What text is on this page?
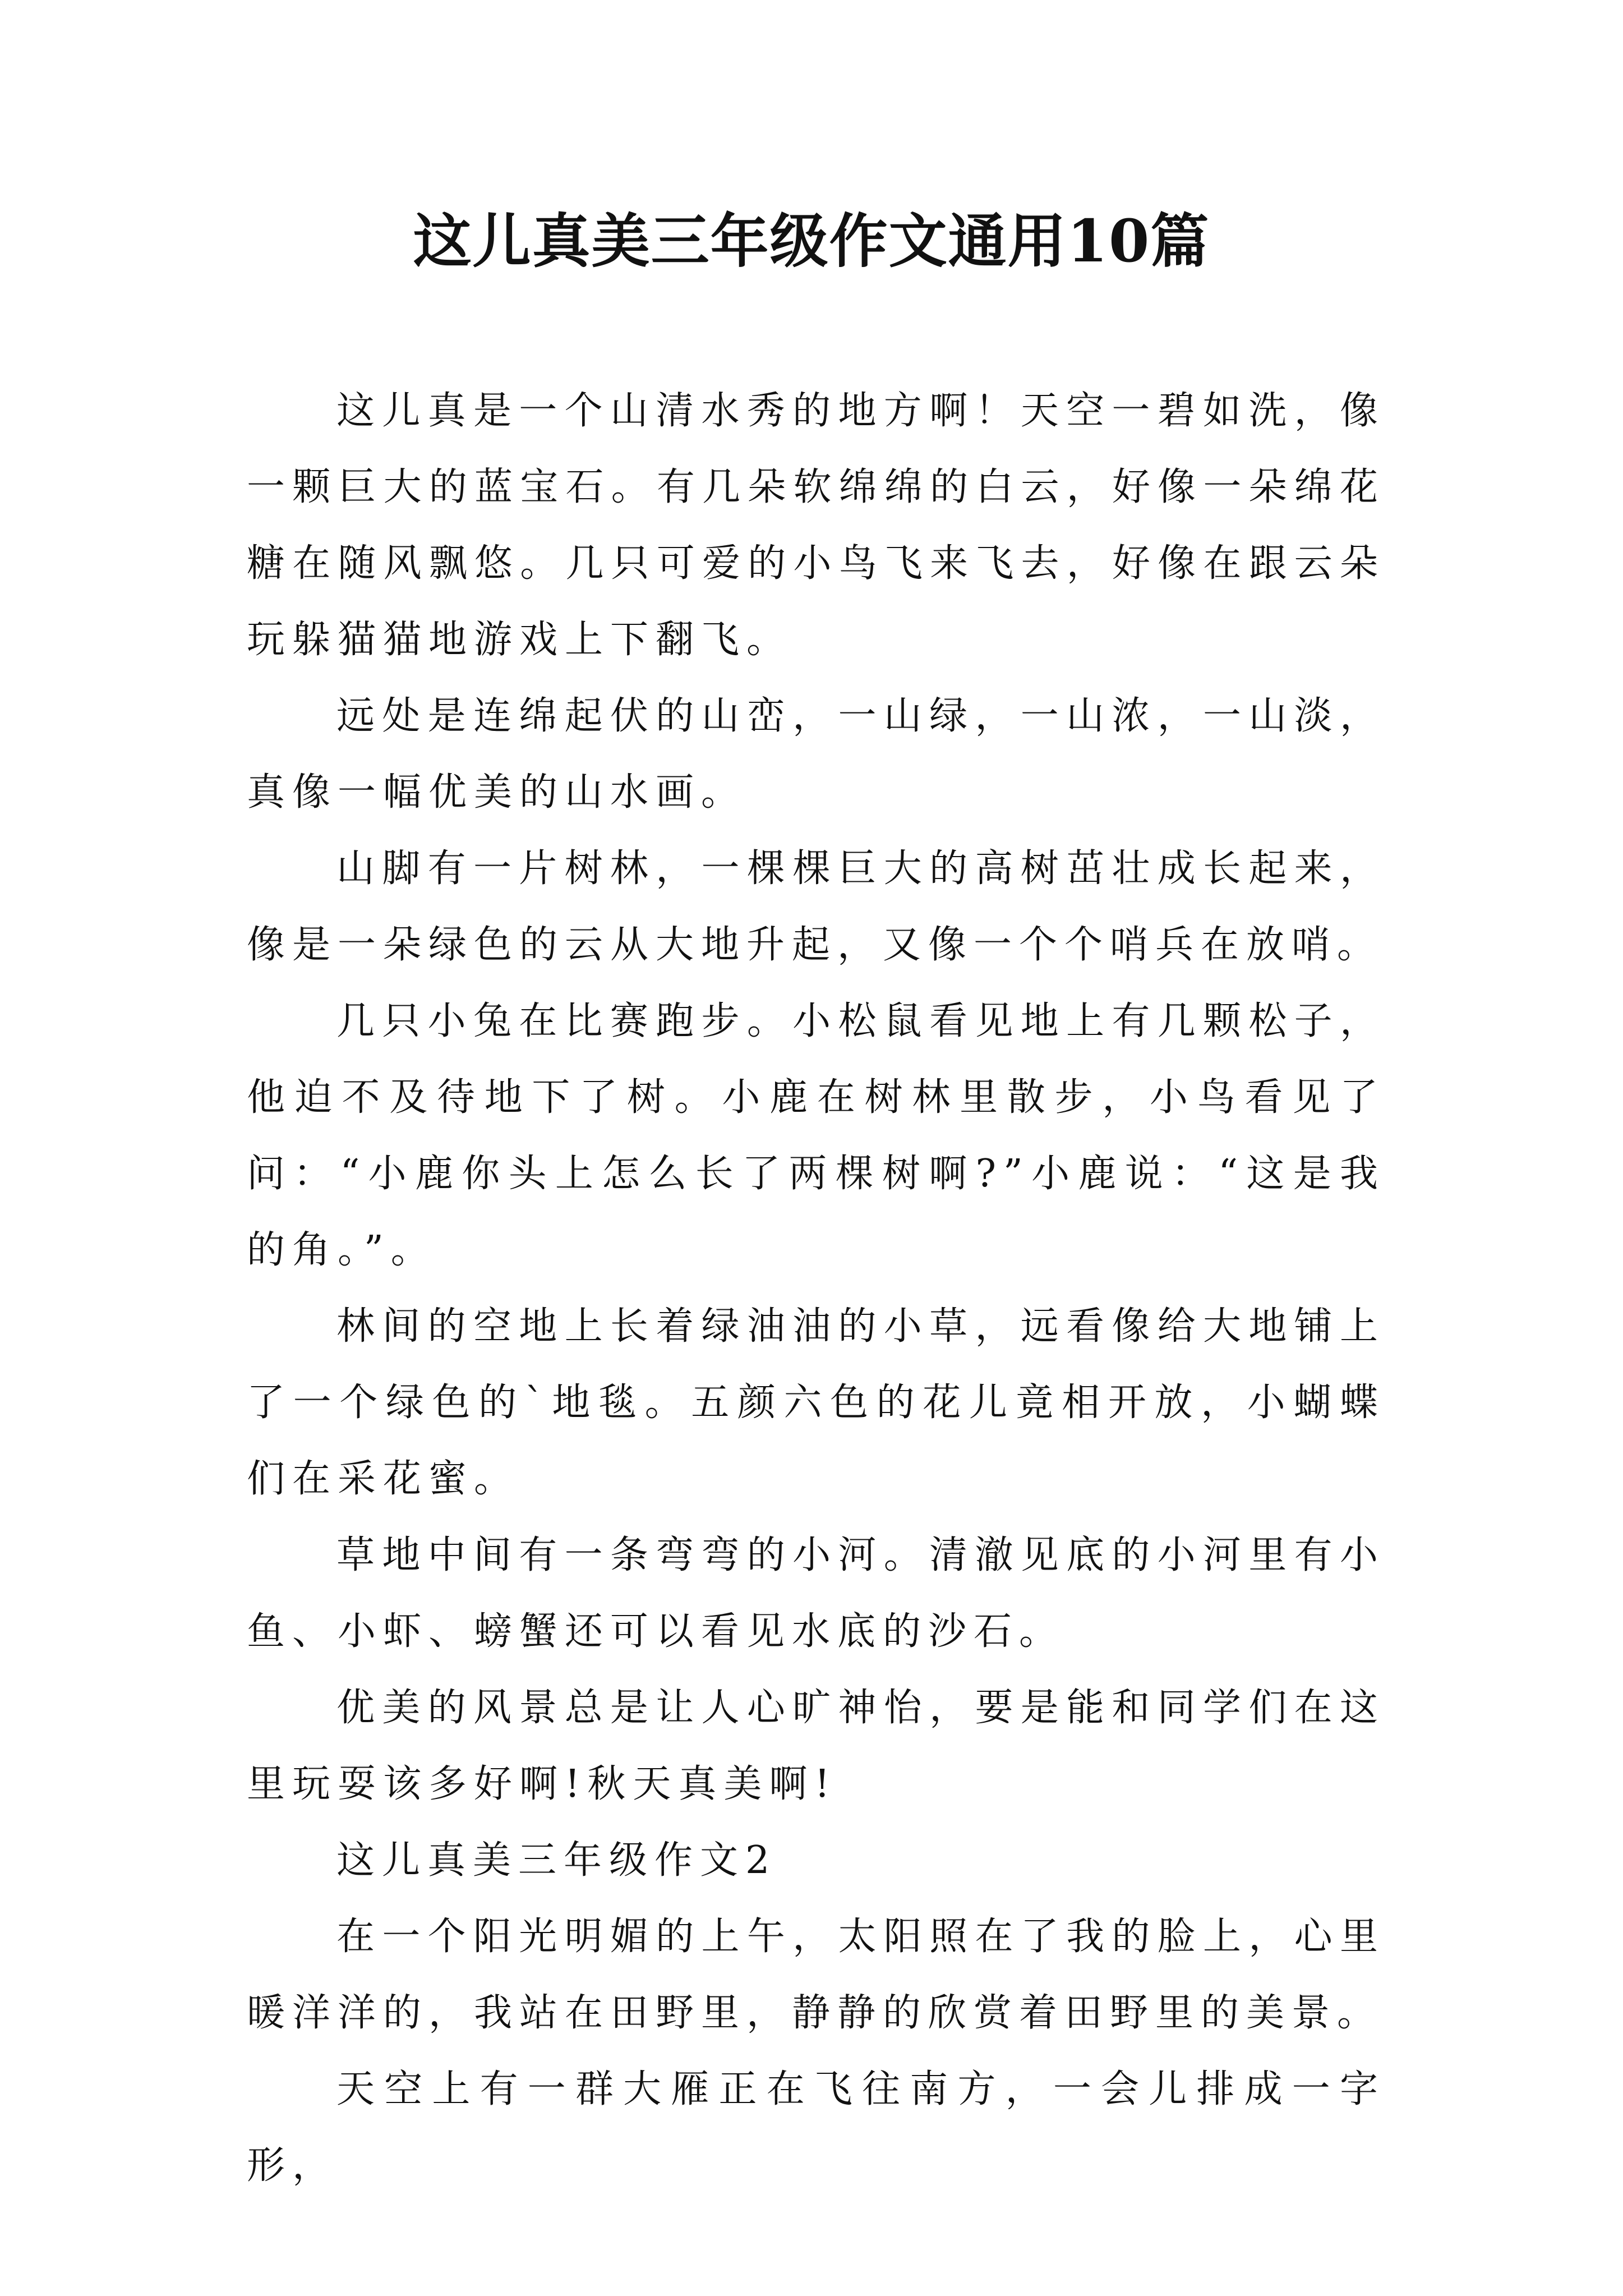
这儿真美三年级作文通用10篇

这儿真是一个山清水秀的地方啊！天空一碧如洗，像一颗巨大的蓝宝石。有几朵软绵绵的白云，好像一朵绵花糖在随风飘悠。几只可爱的小鸟飞来飞去，好像在跟云朵玩躲猫猫地游戏上下翻飞。

远处是连绵起伏的山峦，一山绿，一山浓，一山淡，真像一幅优美的山水画。

山脚有一片树林，一棵棵巨大的高树茁壮成长起来，像是一朵绿色的云从大地升起，又像一个个哨兵在放哨。

几只小兔在比赛跑步。小松鼠看见地上有几颗松子，他迫不及待地下了树。小鹿在树林里散步，小鸟看见了问：“小鹿你头上怎么长了两棵树啊?”小鹿说：“这是我的角。”。

林间的空地上长着绿油油的小草，远看像给大地铺上了一个绿色的`地毯。五颜六色的花儿竟相开放，小蝴蝶们在采花蜜。

草地中间有一条弯弯的小河。清澈见底的小河里有小鱼、小虾、螃蟹还可以看见水底的沙石。

优美的风景总是让人心旷神怡，要是能和同学们在这里玩耍该多好啊!秋天真美啊!

这儿真美三年级作文2

在一个阳光明媚的上午，太阳照在了我的脸上，心里暖洋洋的，我站在田野里，静静的欣赏着田野里的美景。

天空上有一群大雁正在飞往南方，一会儿排成一字形，
